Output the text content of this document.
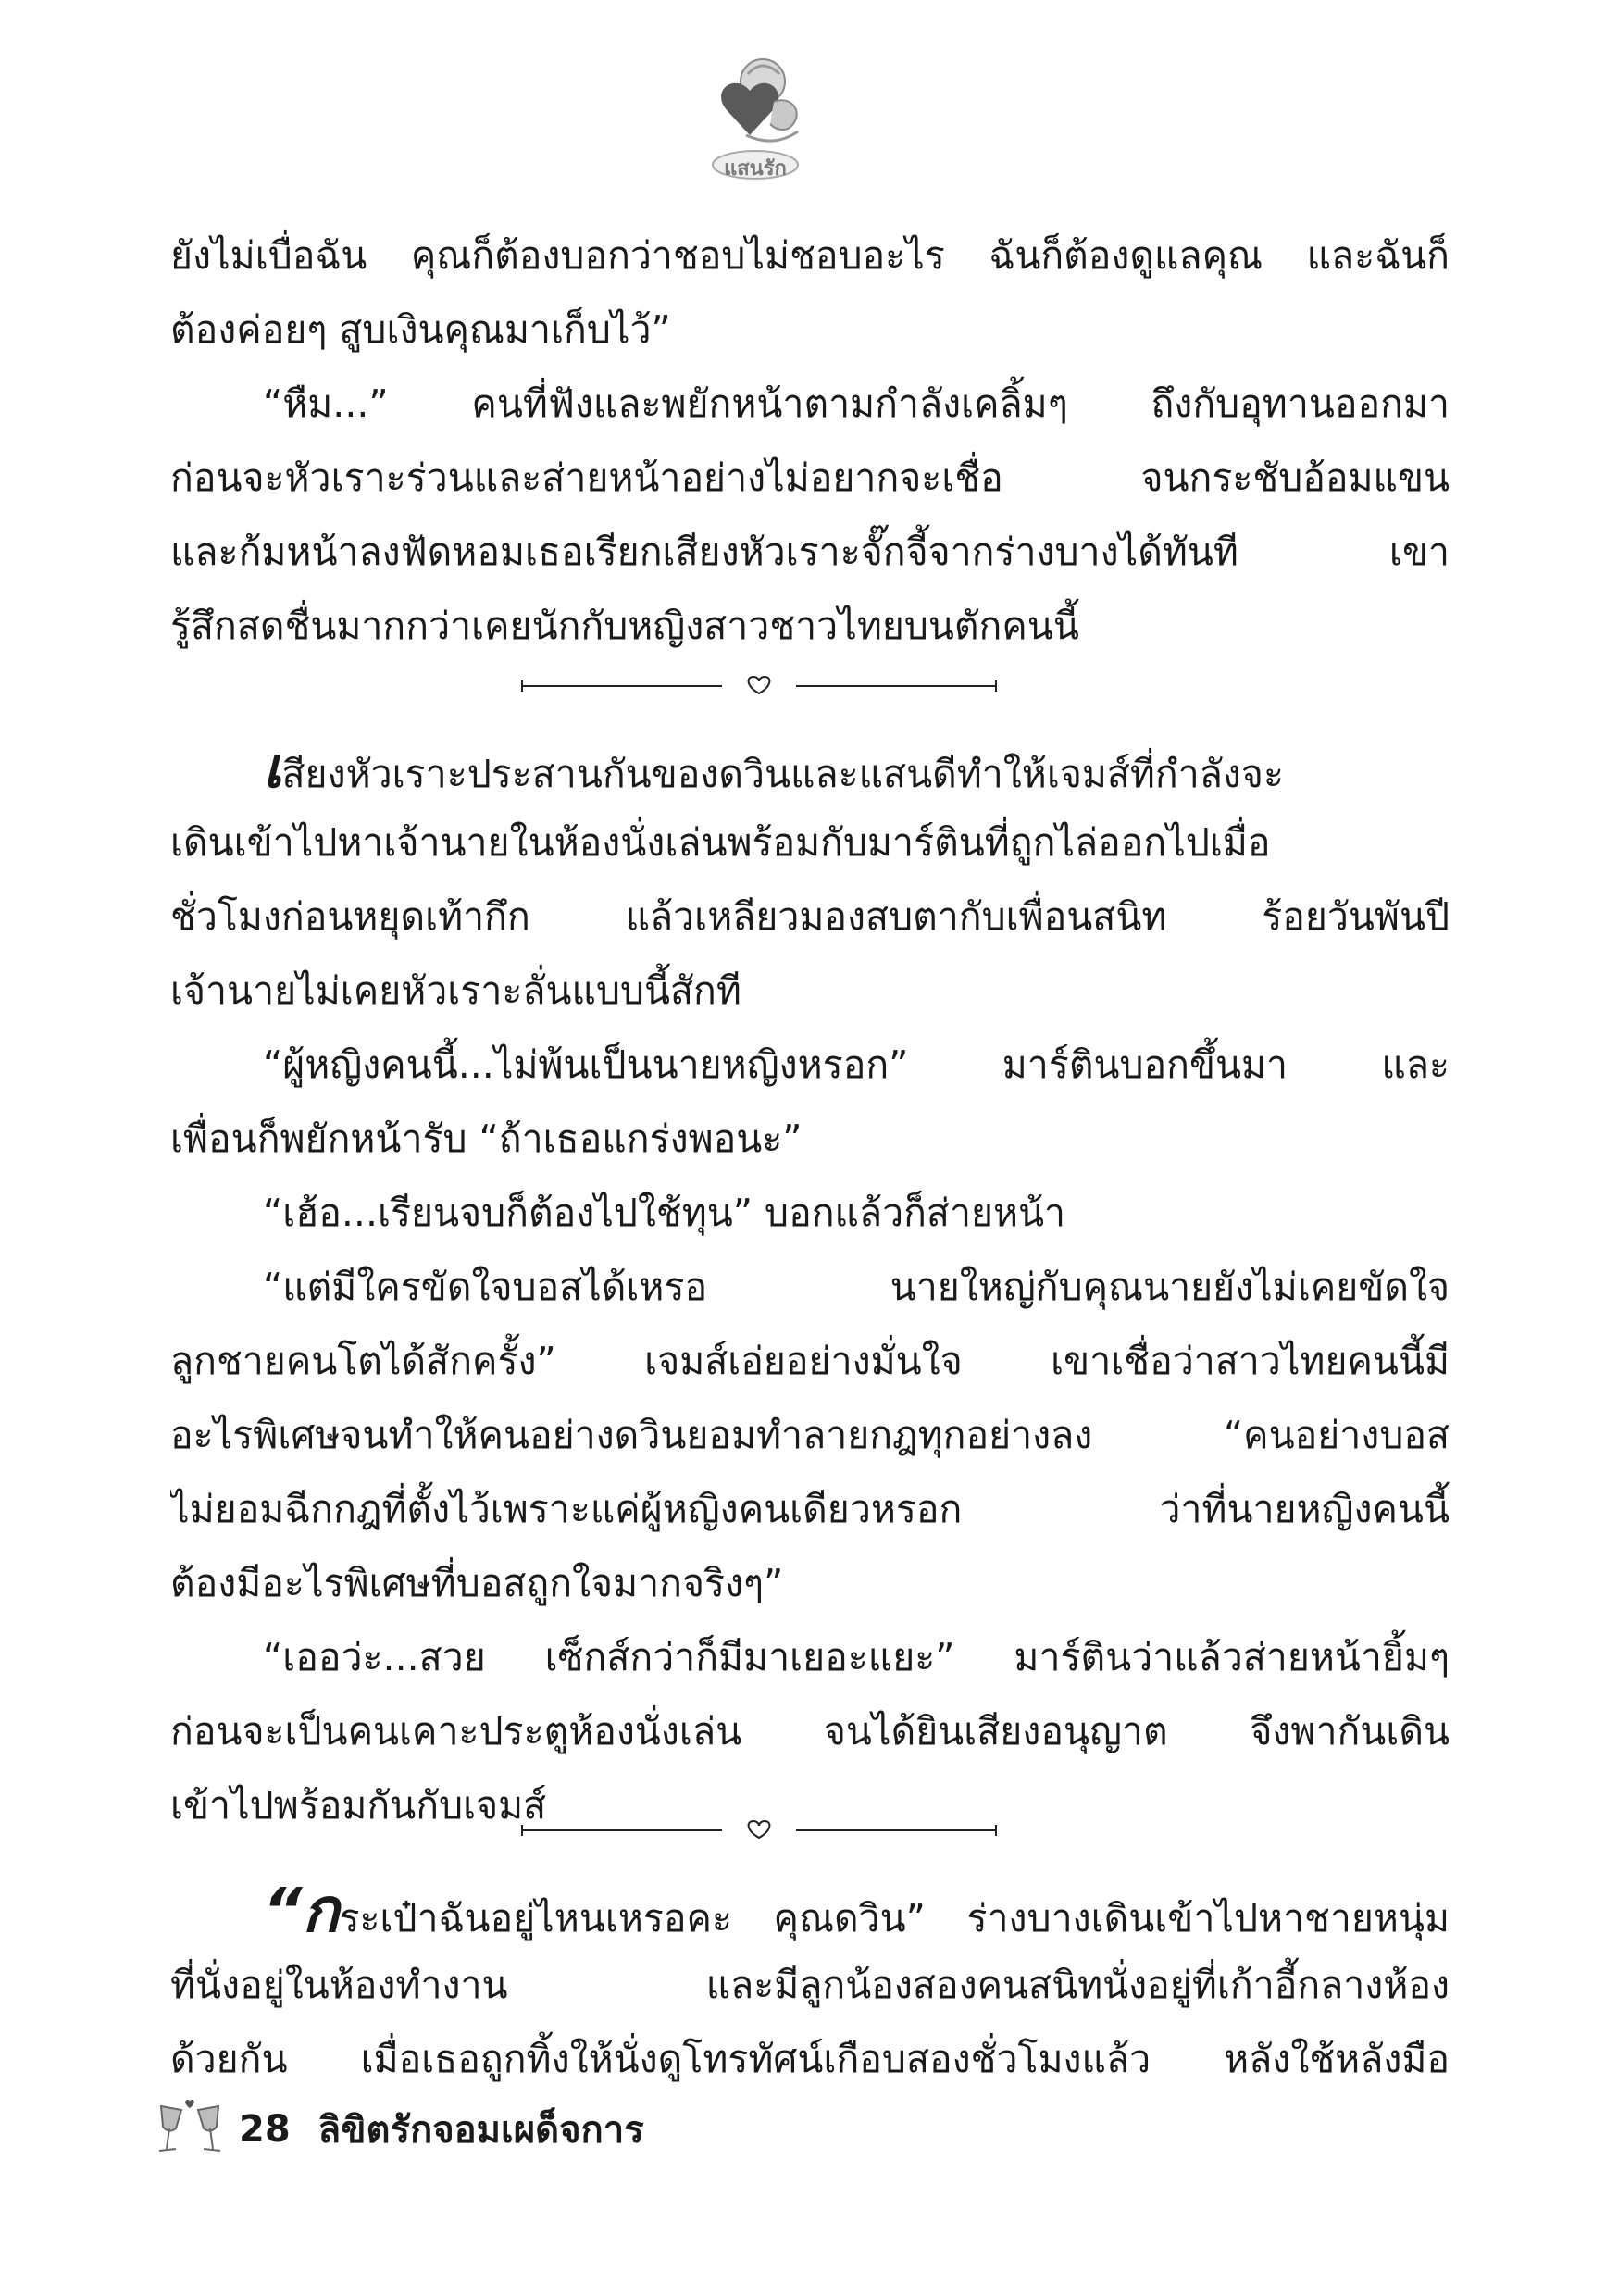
แสนรัก
ยังไม่เบื่อฉัน คุณก็ต้องบอกว่าชอบไม่ชอบอะไร ฉันก็ต้องดูแลคุณ และฉันก็
ต้องค่อยๆ สูบเงินคุณมาเก็บไว้”
“หืม...” คนที่ฟังและพยักหน้าตามกำลังเคลิ้มๆ ถึงกับอุทานออกมา
ก่อนจะหัวเราะร่วนและส่ายหน้าอย่างไม่อยากจะเชื่อ จนกระชับอ้อมแขน
และก้มหน้าลงฟัดหอมเธอเรียกเสียงหัวเราะจั๊กจี้จากร่างบางได้ทันที เขา
รู้สึกสดชื่นมากกว่าเคยนักกับหญิงสาวชาวไทยบนตักคนนี้
เสียงหัวเราะประสานกันของดวินและแสนดีทำให้เจมส์ที่กำลังจะ
เดินเข้าไปหาเจ้านายในห้องนั่งเล่นพร้อมกับมาร์ตินที่ถูกไล่ออกไปเมื่อ
ชั่วโมงก่อนหยุดเท้ากึก แล้วเหลียวมองสบตากับเพื่อนสนิท ร้อยวันพันปี
เจ้านายไม่เคยหัวเราะลั่นแบบนี้สักที
“ผู้หญิงคนนี้...ไม่พ้นเป็นนายหญิงหรอก” มาร์ตินบอกขึ้นมา และ
เพื่อนก็พยักหน้ารับ “ถ้าเธอแกร่งพอนะ”
“เฮ้อ...เรียนจบก็ต้องไปใช้ทุน” บอกแล้วก็ส่ายหน้า
“แต่มีใครขัดใจบอสได้เหรอ นายใหญ่กับคุณนายยังไม่เคยขัดใจ
ลูกชายคนโตได้สักครั้ง” เจมส์เอ่ยอย่างมั่นใจ เขาเชื่อว่าสาวไทยคนนี้มี
อะไรพิเศษจนทำให้คนอย่างดวินยอมทำลายกฎทุกอย่างลง “คนอย่างบอส
ไม่ยอมฉีกกฎที่ตั้งไว้เพราะแค่ผู้หญิงคนเดียวหรอก ว่าที่นายหญิงคนนี้
ต้องมีอะไรพิเศษที่บอสถูกใจมากจริงๆ”
“เออว่ะ...สวย เซ็กส์กว่าก็มีมาเยอะแยะ” มาร์ตินว่าแล้วส่ายหน้ายิ้มๆ
ก่อนจะเป็นคนเคาะประตูห้องนั่งเล่น จนได้ยินเสียงอนุญาต จึงพากันเดิน
เข้าไปพร้อมกันกับเจมส์
“กระเป๋าฉันอยู่ไหนเหรอคะ คุณดวิน” ร่างบางเดินเข้าไปหาชายหนุ่ม
ที่นั่งอยู่ในห้องทำงาน และมีลูกน้องสองคนสนิทนั่งอยู่ที่เก้าอี้กลางห้อง
ด้วยกัน เมื่อเธอถูกทิ้งให้นั่งดูโทรทัศน์เกือบสองชั่วโมงแล้ว หลังใช้หลังมือ
28 ลิขิตรักจอมเผด็จการ
